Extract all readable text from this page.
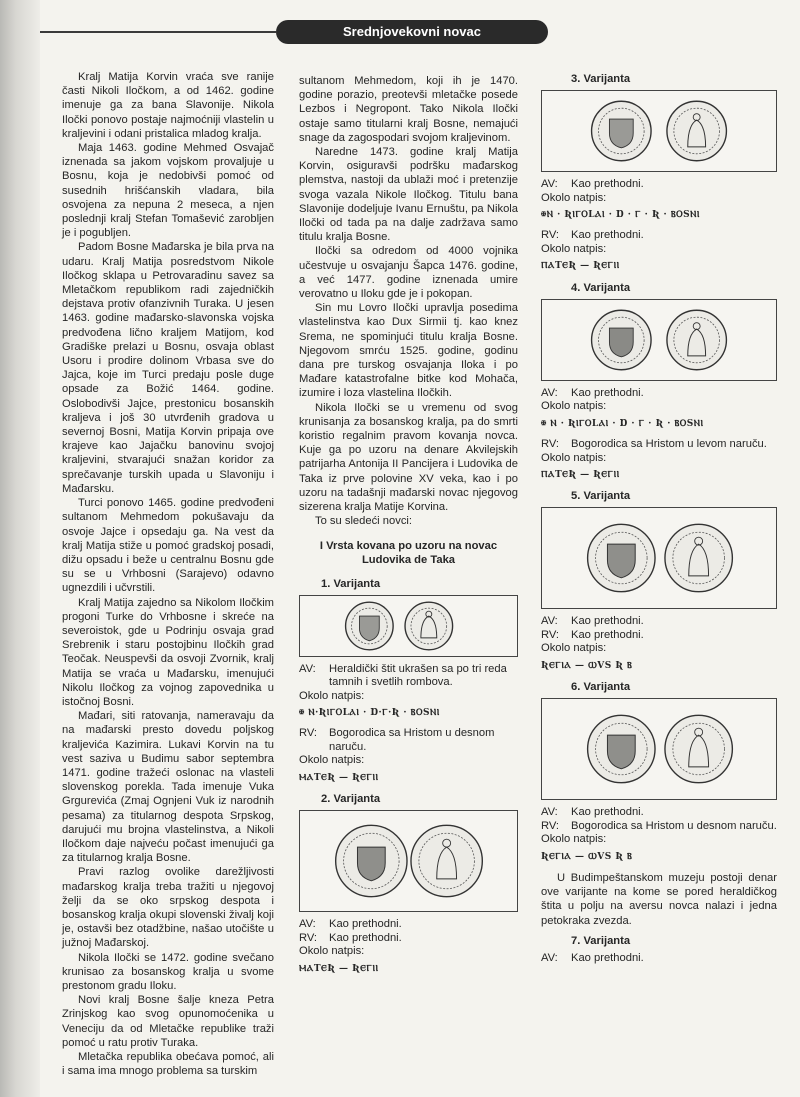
Srednjovekovni novac

Kralj Matija Korvin vraća sve ranije časti Nikoli Iločkom, a od 1462. godine imenuje ga za bana Slavonije. Nikola Iločki ponovo postaje najmoćniji vlastelin u kraljevini i odani pristalica mladog kralja.

Maja 1463. godine Mehmed Osvajač iznenada sa jakom vojskom provaljuje u Bosnu, koja je nedobivši pomoć od susednih hrišćanskih vladara, bila osvojena za nepuna 2 meseca, a njen poslednji kralj Stefan Tomašević zarobljen je i pogubljen.

Padom Bosne Mađarska je bila prva na udaru. Kralj Matija posredstvom Nikole Iločkog sklapa u Petrovaradinu savez sa Mletačkom republikom radi zajedničkih dejstava protiv ofanzivnih Turaka. U jesen 1463. godine mađarsko-slavonska vojska predvođena lično kraljem Matijom, kod Gradiške prelazi u Bosnu, osvaja oblast Usoru i prodire dolinom Vrbasa sve do Jajca, koje im Turci predaju posle duge opsade za Božić 1464. godine. Oslobodivši Jajce, prestonicu bosanskih kraljeva i još 30 utvrđenih gradova u severnoj Bosni, Matija Korvin pripaja ove krajeve kao Jajačku banovinu svojoj kraljevini, stvarajući snažan koridor za sprečavanje turskih upada u Slavoniju i Mađarsku.

Turci ponovo 1465. godine predvođeni sultanom Mehmedom pokušavaju da osvoje Jajce i opsedaju ga. Na vest da kralj Matija stiže u pomoć gradskoj posadi, dižu opsadu i beže u centralnu Bosnu gde su se u Vrhbosni (Sarajevo) odavno ugnezdili i učvrstili.

Kralj Matija zajedno sa Nikolom Iločkim progoni Turke do Vrhbosne i skreće na severoistok, gde u Podrinju osvaja grad Srebrenik i staru postojbinu Iločkih grad Teočak. Neuspevši da osvoji Zvornik, kralj Matija se vraća u Mađarsku, imenujući Nikolu Iločkog za vojnog zapovednika u istočnoj Bosni.

Mađari, siti ratovanja, nameravaju da na mađarski presto dovedu poljskog kraljevića Kazimira. Lukavi Korvin na tu vest saziva u Budimu sabor septembra 1471. godine tražeći oslonac na vlasteli slovenskog porekla. Tada imenuje Vuka Grgurevića (Zmaj Ognjeni Vuk iz narodnih pesama) za titularnog despota Srpskog, darujući mu brojna vlastelinstva, a Nikoli Iločkom daje najveću počast imenujući ga za titularnog kralja Bosne.

Pravi razlog ovolike darežljivosti mađarskog kralja treba tražiti u njegovoj želji da se oko srpskog despota i bosanskog kralja okupi slovenski živalj koji je, ostavši bez otadžbine, našao utočište u južnoj Mađarskoj.

Nikola Iločki se 1472. godine svečano krunisao za bosanskog kralja u svome prestonom gradu Iloku.

Novi kralj Bosne šalje kneza Petra Zrinjskog kao svog opunomoćenika u Veneciju da od Mletačke republike traži pomoć u ratu protiv Turaka.

Mletačka republika obećava pomoć, ali i sama ima mnogo problema sa turskim

sultanom Mehmedom, koji ih je 1470. godine porazio, preotevši mletačke posede Lezbos i Negropont. Tako Nikola Iločki ostaje samo titularni kralj Bosne, nemajući snage da zagospodari svojom kraljevinom.

Naredne 1473. godine kralj Matija Korvin, osiguravši podršku mađarskog plemstva, nastoji da ublaži moć i pretenzije svoga vazala Nikole Iločkog. Titulu bana Slavonije dodeljuje Ivanu Ernuštu, pa Nikola Iločki od tada pa na dalje zadržava samo titulu kralja Bosne.

Iločki sa odredom od 4000 vojnika učestvuje u osvajanju Šapca 1476. godine, a već 1477. godine iznenada umire verovatno u Iloku gde je i pokopan.

Sin mu Lovro Iločki upravlja posedima vlastelinstva kao Dux Sirmii tj. kao knez Srema, ne spominjući titulu kralja Bosne. Njegovom smrću 1525. godine, godinu dana pre turskog osvajanja Iloka i po Mađare katastrofalne bitke kod Mohača, izumire i loza vlastelina Iločkih.

Nikola Iločki se u vremenu od svog krunisanja za bosanskog kralja, pa do smrti koristio regalnim pravom kovanja novca. Kuje ga po uzoru na denare Akvilejskih patrijarha Antonija II Pancijera i Ludovika de Taka iz prve polovine XV veka, kao i po uzoru na tadašnji mađarski novac njegovog sizerena kralja Matije Korvina.

To su sledeći novci:

I Vrsta kovana po uzoru na novac Ludovika de Taka
1. Varijanta
AV:	Heraldički štit ukrašen sa po tri reda tamnih i svetlih rombova.
Okolo natpis:
✠ Ⲛ·ƦⲒⲄⲞLⲀⲒ · Ɒ·Ⲅ·Ʀ · ⲂⲞSⲚⲒ
RV:	Bogorodica sa Hristom u desnom naruču.
Okolo natpis:
ⲘⲀTⲈƦ — ƦⲈⲄⲒⲒ
2. Varijanta
AV:	Kao prethodni.
RV:	Kao prethodni.
Okolo natpis:
ⲘⲀTⲈƦ — ƦⲈⲄⲒⲒ
3. Varijanta
AV:	Kao prethodni.
Okolo natpis:
✠Ⲛ · ƦⲒⲄⲞLⲀⲒ · Ɒ · Ⲅ · Ʀ · ⲂⲞSⲚⲒ
RV:	Kao prethodni.
Okolo natpis:
ⲠⲀTⲈƦ — ƦⲈⲄⲒⲒ
4. Varijanta
AV:	Kao prethodni.
Okolo natpis:
✠ Ⲛ · ƦⲒⲄⲞLⲀⲒ · Ɒ · Ⲅ · Ʀ · ⲂⲞSⲚⲒ
RV:	Bogorodica sa Hristom u levom naruču.
Okolo natpis:
ⲠⲀTⲈƦ — ƦⲈⲄⲒⲒ
5. Varijanta
AV:	Kao prethodni.
RV:	Kao prethodni.
Okolo natpis:
ƦⲈⲄⲒⲀ — ⲰVS Ʀ Ⲃ
6. Varijanta
AV:	Kao prethodni.
RV:	Bogorodica sa Hristom u desnom naruču.
Okolo natpis:
ƦⲈⲄⲒⲀ — ⲰVS Ʀ Ⲃ

U Budimpeštanskom muzeju postoji denar ove varijante na kome se pored heraldičkog štita u polju na aversu novca nalazi i jedna petokraka zvezda.

7. Varijanta
AV:	Kao prethodni.
